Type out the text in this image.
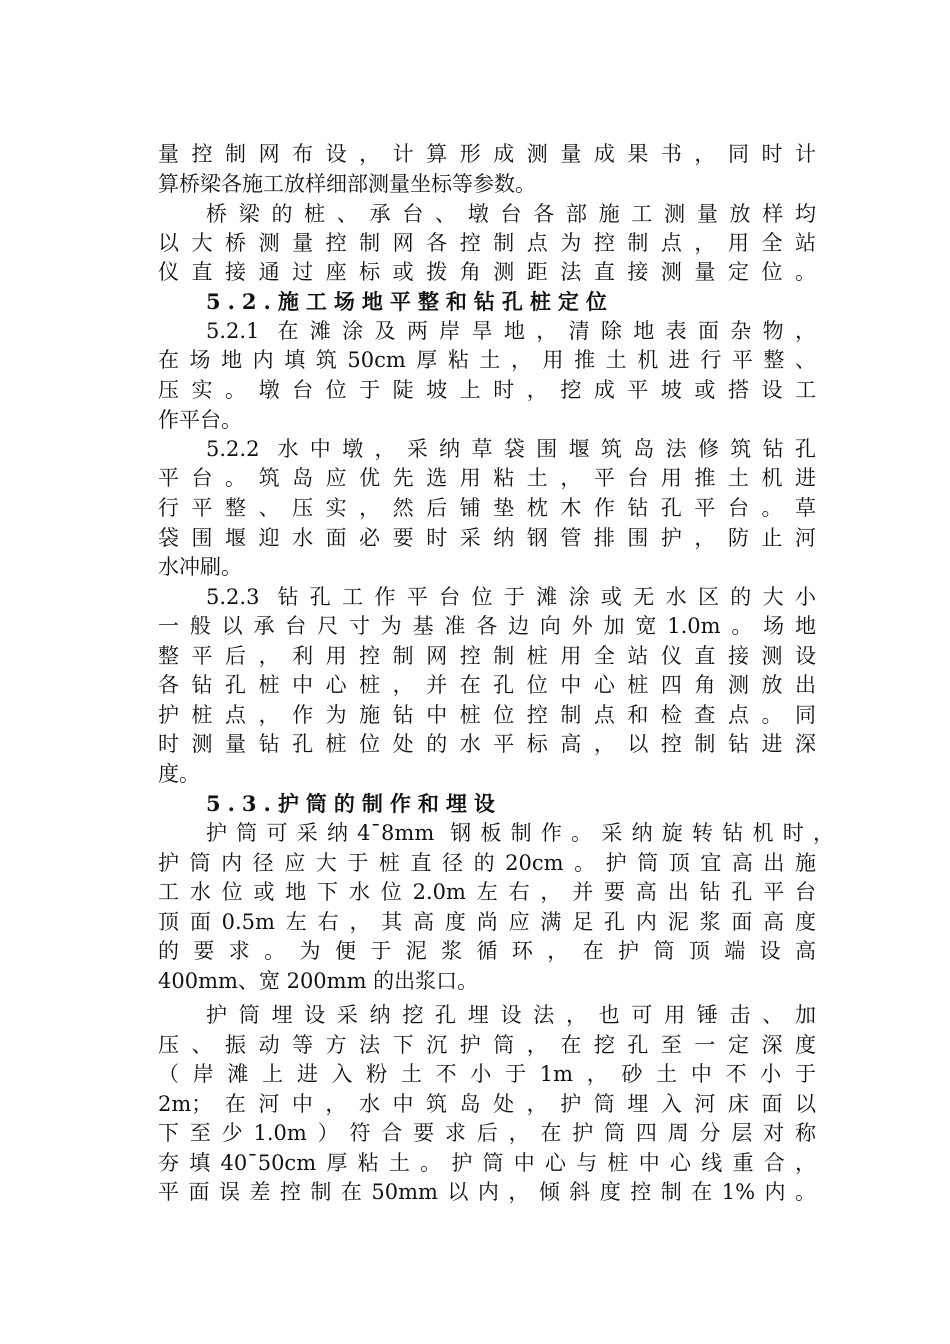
量控制网布设，计算形成测量成果书，同时计
算桥梁各施工放样细部测量坐标等参数。
桥梁的桩、承台、墩台各部施工测量放样均
以大桥测量控制网各控制点为控制点，用全站
仪直接通过座标或拨角测距法直接测量定位。
5.2.施工场地平整和钻孔桩定位
5.2.1 在滩涂及两岸旱地，清除地表面杂物，
在场地内填筑50cm厚粘土，用推土机进行平整、
压实。墩台位于陡坡上时，挖成平坡或搭设工
作平台。
5.2.2 水中墩，采纳草袋围堰筑岛法修筑钻孔
平台。筑岛应优先选用粘土，平台用推土机进
行平整、压实，然后铺垫枕木作钻孔平台。草
袋围堰迎水面必要时采纳钢管排围护，防止河
水冲刷。
5.2.3 钻孔工作平台位于滩涂或无水区的大小
一般以承台尺寸为基准各边向外加宽1.0m。场地
整平后，利用控制网控制桩用全站仪直接测设
各钻孔桩中心桩，并在孔位中心桩四角测放出
护桩点，作为施钻中桩位控制点和检查点。同
时测量钻孔桩位处的水平标高，以控制钻进深
度。
5.3.护筒的制作和埋设
护筒可采纳4¯8mm 钢板制作。采纳旋转钻机时，
护筒内径应大于桩直径的20cm。护筒顶宜高出施
工水位或地下水位2.0m左右，并要高出钻孔平台
顶面0.5m左右，其高度尚应满足孔内泥浆面高度
的要求。为便于泥浆循环，在护筒顶端设高
400mm、宽 200mm 的出浆口。
护筒埋设采纳挖孔埋设法，也可用锤击、加
压、振动等方法下沉护筒，在挖孔至一定深度
（岸滩上进入粉土不小于1m，砂土中不小于
2m；在河中，水中筑岛处，护筒埋入河床面以
下至少1.0m）符合要求后，在护筒四周分层对称
夯填40¯50cm厚粘土。护筒中心与桩中心线重合，
平面误差控制在50mm以内，倾斜度控制在1%内。
